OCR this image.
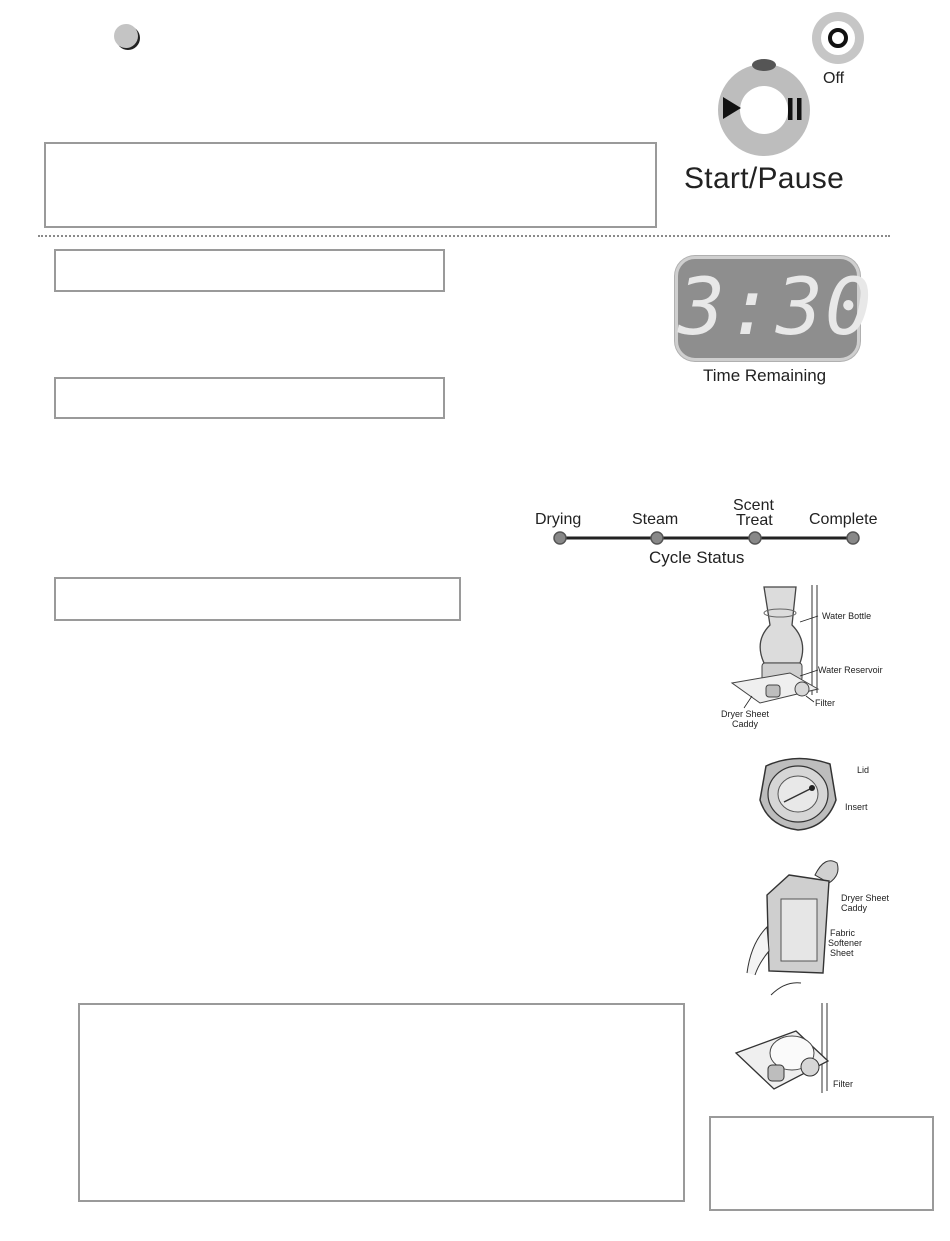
Off
Start/Pause
3:30
Time Remaining
Drying	Steam
Scent
Treat Complete
Cycle Status
Water Bottle
Water Reservoir
Filter
Dryer Sheet
Caddy
Lid
Insert
Dryer Sheet
Caddy
Fabric
Softener
Sheet
Filter
